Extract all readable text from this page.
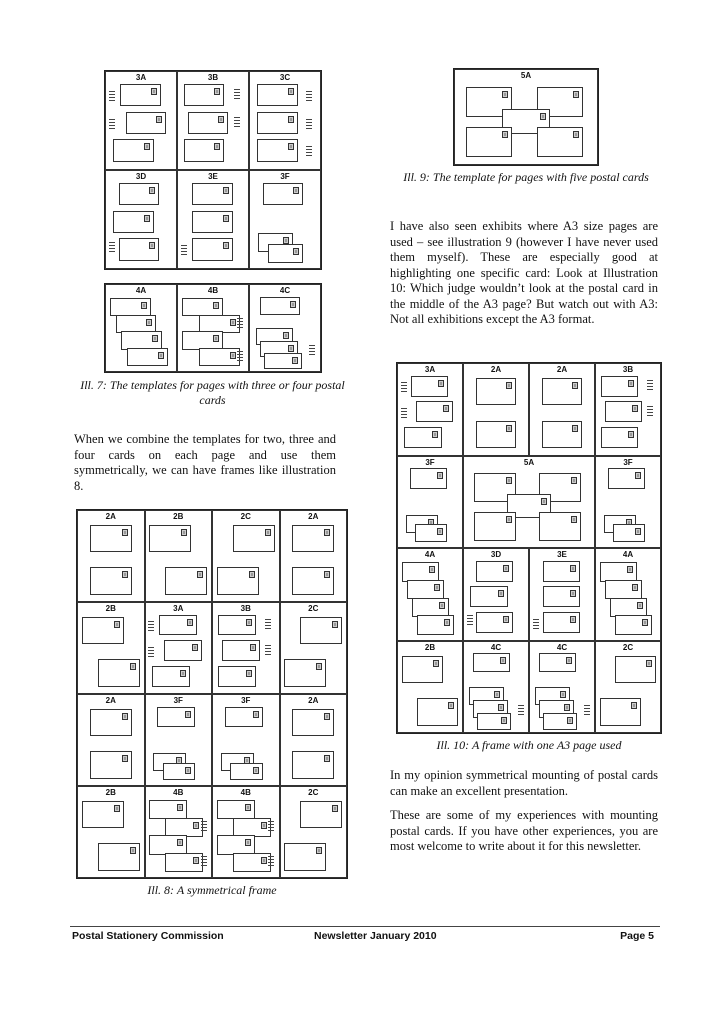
3A	3B	3C
3D	3E	3F
4A	4B	4C
Ill. 7: The templates for pages with three or four postal cards
When we combine the templates for two, three and four cards on each page and use them symmetrically, we can have frames like illustration 8.
2A	2B	2C	2A
2B	3A	3B	2C
2A	3F	3F	2A
2B	4B	4B	2C
Ill. 8: A symmetrical frame
5A
Ill. 9: The template for pages with five postal cards
I have also seen exhibits where A3 size pages are used – see illustration 9 (however I have never used them myself). These are especially good at highlighting one specific card: Look at Illustration 10: Which judge wouldn’t look at the postal card in the middle of the A3 page? But watch out with A3: Not all exhibitions except the A3 format.
3A	2A	2A	3B
3F	5A	3F
4A	3D	3E	4A
2B	4C	4C	2C
Ill. 10: A frame with one A3 page used
In my opinion symmetrical mounting of postal cards can make an excellent presentation.
These are some of my experiences with mounting postal cards. If you have other experiences, you are most welcome to write about it for this newsletter.
Postal Stationery Commission	Newsletter January 2010	Page 5
